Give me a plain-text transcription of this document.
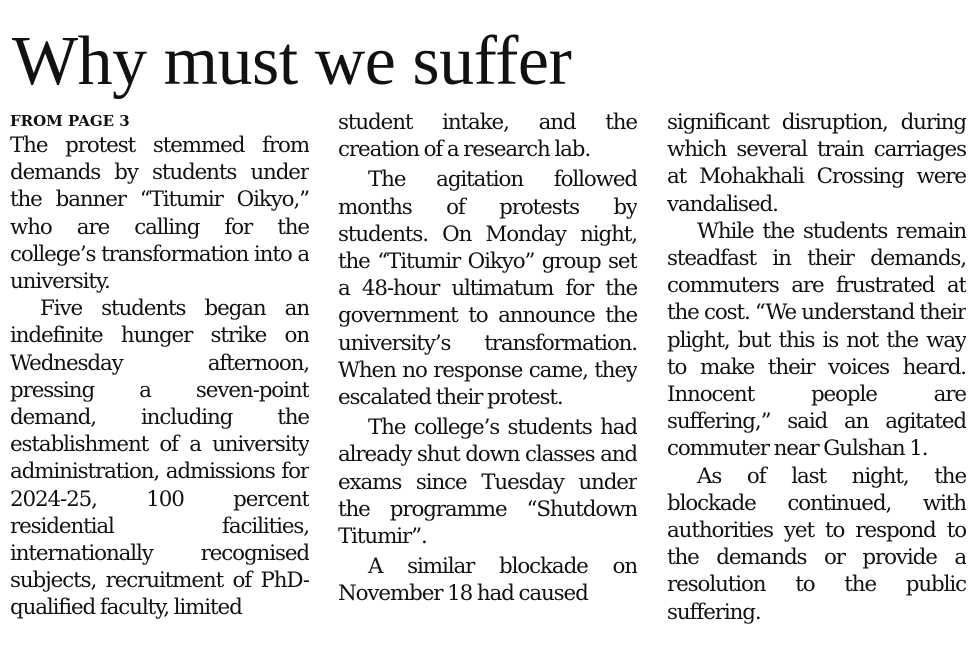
Why must we suffer
FROM PAGE 3

The protest stemmed from demands by students under the banner “Titumir Oikyo,” who are calling for the college’s transformation into a university.

Five students began an indefinite hunger strike on Wednesday afternoon, pressing a seven-point demand, including the establishment of a university administration, admissions for 2024-25, 100 percent residential facilities, internationally recognised subjects, recruitment of PhD-qualified faculty, limited

student intake, and the creation of a research lab.

The agitation followed months of protests by students. On Monday night, the “Titumir Oikyo” group set a 48-hour ultimatum for the government to announce the university’s transformation. When no response came, they escalated their protest.

The college’s students had already shut down classes and exams since Tuesday under the programme “Shutdown Titumir”.

A similar blockade on November 18 had caused

significant disruption, during which several train carriages at Mohakhali Crossing were vandalised.

While the students remain steadfast in their demands, commuters are frustrated at the cost. “We understand their plight, but this is not the way to make their voices heard. Innocent people are suffering,” said an agitated commuter near Gulshan 1.

As of last night, the blockade continued, with authorities yet to respond to the demands or provide a resolution to the public suffering.
